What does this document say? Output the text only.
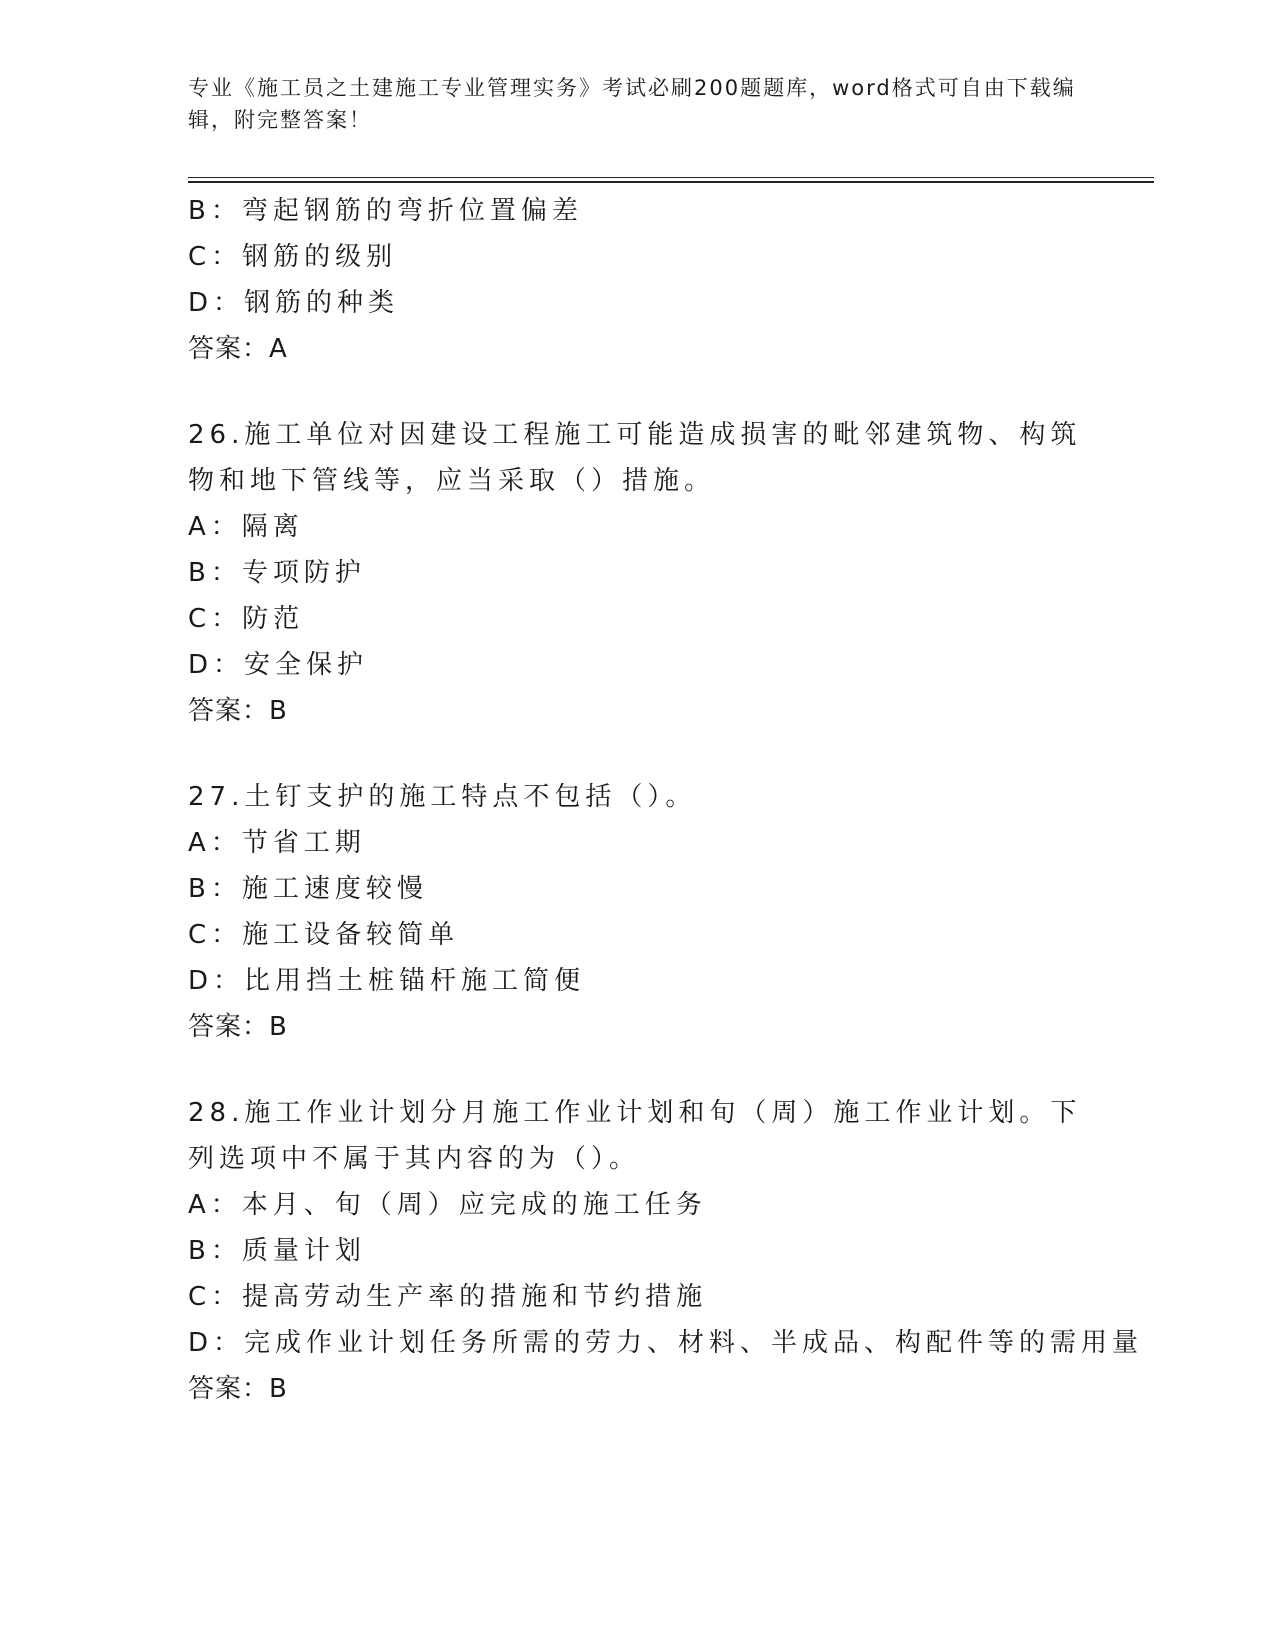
专业《施工员之土建施工专业管理实务》考试必刷200题题库，word格式可自由下载编辑，附完整答案！
B：弯起钢筋的弯折位置偏差
C：钢筋的级别
D：钢筋的种类
答案：A
26.施工单位对因建设工程施工可能造成损害的毗邻建筑物、构筑物和地下管线等，应当采取（）措施。
A：隔离
B：专项防护
C：防范
D：安全保护
答案：B
27.土钉支护的施工特点不包括（）。
A：节省工期
B：施工速度较慢
C：施工设备较简单
D：比用挡土桩锚杆施工简便
答案：B
28.施工作业计划分月施工作业计划和旬（周）施工作业计划。下列选项中不属于其内容的为（）。
A：本月、旬（周）应完成的施工任务
B：质量计划
C：提高劳动生产率的措施和节约措施
D：完成作业计划任务所需的劳力、材料、半成品、构配件等的需用量
答案：B
